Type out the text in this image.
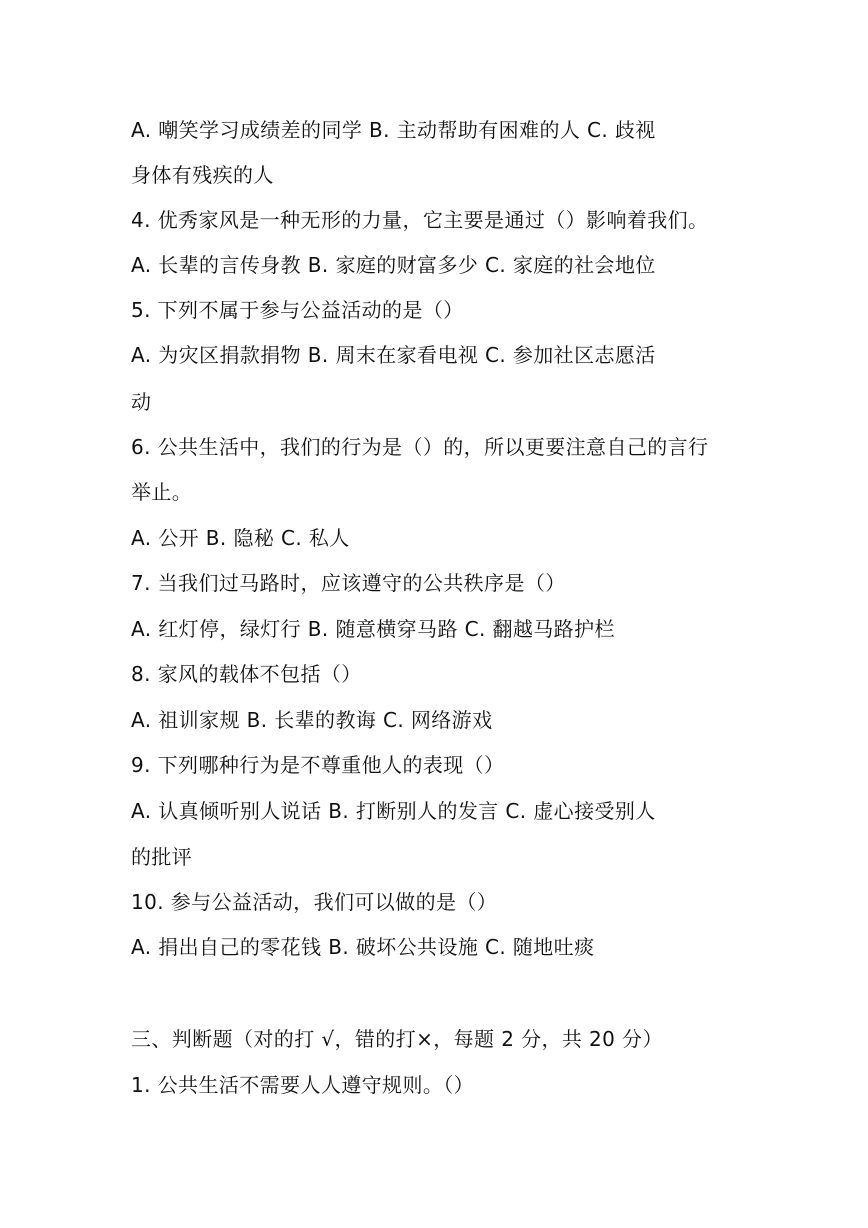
A. 嘲笑学习成绩差的同学 B. 主动帮助有困难的人 C. 歧视
身体有残疾的人
4. 优秀家风是一种无形的力量，它主要是通过（）影响着我们。
A. 长辈的言传身教 B. 家庭的财富多少 C. 家庭的社会地位
5. 下列不属于参与公益活动的是（）
A. 为灾区捐款捐物 B. 周末在家看电视 C. 参加社区志愿活
动
6. 公共生活中，我们的行为是（）的，所以更要注意自己的言行
举止。
A. 公开 B. 隐秘 C. 私人
7. 当我们过马路时，应该遵守的公共秩序是（）
A. 红灯停，绿灯行 B. 随意横穿马路 C. 翻越马路护栏
8. 家风的载体不包括（）
A. 祖训家规 B. 长辈的教诲 C. 网络游戏
9. 下列哪种行为是不尊重他人的表现（）
A. 认真倾听别人说话 B. 打断别人的发言 C. 虚心接受别人
的批评
10. 参与公益活动，我们可以做的是（）
A. 捐出自己的零花钱 B. 破坏公共设施 C. 随地吐痰
三、判断题（对的打 √，错的打×，每题 2 分，共 20 分）
1. 公共生活不需要人人遵守规则。（）
